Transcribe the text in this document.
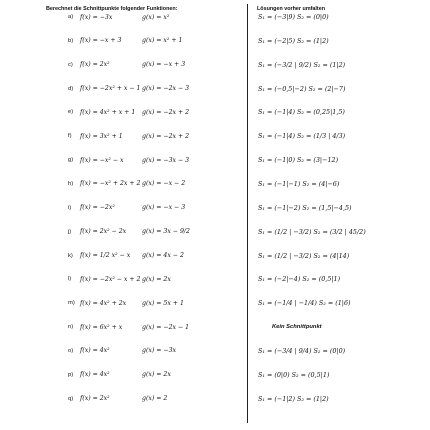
Berechnet die Schnittpunkte folgender Funktionen:	Lösungen vorher umfalten
a)	f(x) = −3x	g(x) = x²
b)	f(x) = −x + 3	g(x) = x² + 1
c)	f(x) = 2x²	g(x) = −x + 3
d)	f(x) = −2x² + x − 1 g(x) = −2x − 3
e)	f(x) = 4x² + x + 1	g(x) = −2x + 2
f)	f(x) = 3x² + 1	g(x) = −2x + 2
g)	f(x) = −x² − x	g(x) = −3x − 3
h)	f(x) = −x² + 2x + 2 g(x) = −x − 2
i)	f(x) = −2x²	g(x) = −x − 3
j)	f(x) = 2x² − 2x	g(x) = 3x − 9/2
k)	f(x) = 1/2 x² − x	g(x) = 4x − 2
l)	f(x) = −2x² − x + 2 g(x) = 2x
m) f(x) = 4x² + 2x	g(x) = 5x + 1
n)	f(x) = 6x² + x	g(x) = −2x − 1
o)	f(x) = 4x²	g(x) = −3x
p)	f(x) = 4x²	g(x) = 2x
q)	f(x) = 2x²	g(x) = 2
S₁ = (−3|9) S₂ = (0|0)
S₁ = (−2|5) S₂ = (1|2)
S₁ = (−3/2 | 9/2) S₂ = (1|2)
S₁ = (−0,5|−2) S₂ = (2|−7)
S₁ = (−1|4) S₂ = (0,25|1,5)
S₁ = (−1|4) S₂ = (1/3 | 4/3)
S₁ = (−1|0) S₂ = (3|−12)
S₁ = (−1|−1) S₂ = (4|−6)
S₁ = (−1|−2) S₂ = (1,5|−4,5)
S₁ = (1/2 | −3/2) S₂ = (3/2 | 45/2)
S₁ = (1/2 | −3/2) S₂ = (4|14)
S₁ = (−2|−4) S₂ = (0,5|1)
S₁ = (−1/4 | −1/4) S₂ = (1|6)
Kein Schnittpunkt
S₁ = (−3/4 | 9/4) S₂ = (0|0)
S₁ = (0|0) S₂ = (0,5|1)
S₁ = (−1|2) S₂ = (1|2)
